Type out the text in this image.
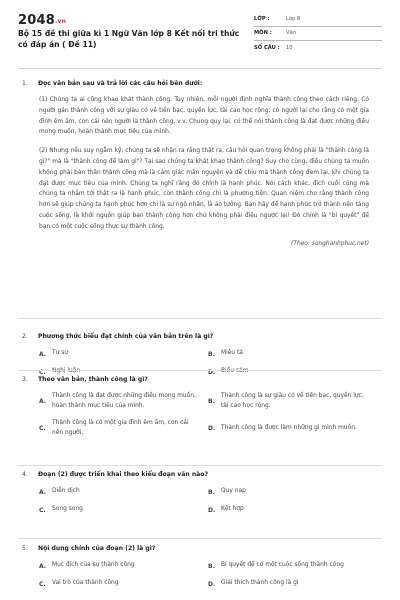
2048.vn
Bộ 15 đề thi giữa kì 1 Ngữ Văn lớp 8 Kết nối tri thức có đáp án ( Đề 11)
LỚP :	Lớp 8
MÔN :	Văn
SỐ CÂU :	10
1.	Đọc văn bản sau và trả lời các câu hỏi bên dưới:

(1) Chúng ta ai cũng khao khát thành công. Tuy nhiên, mỗi người định nghĩa thành công theo cách riêng. Có người gán thành công với sự giàu có về tiền bạc, quyền lực, tài cao học rộng; có người lại cho rằng có một gia đình êm ấm, con cái nên người là thành công, v.v. Chung quy lại, có thể nói thành công là đạt được những điều mong muốn, hoàn thành mục tiêu của mình.

(2) Nhưng nếu suy ngẫm kỹ, chúng ta sẽ nhận ra rằng thật ra, câu hỏi quan trọng không phải là "thành công là gì?" mà là "thành công để làm gì"? Tại sao chúng ta khát khao thành công? Suy cho cùng, điều chúng ta muốn không phải bản thân thành công mà là cảm giác mãn nguyện và dễ chịu mà thành công đem lại, khi chúng ta đạt được mục tiêu của mình. Chúng ta nghĩ rằng đó chính là hạnh phúc. Nói cách khác, đích cuối cùng mà chúng ta nhắm tới thật ra là hạnh phúc, còn thành công chỉ là phương tiện. Quan niệm cho rằng thành công hơn sẽ giúp chúng ta hạnh phúc hơn chỉ là sự ngộ nhận, là ảo tưởng. Bạn hãy để hạnh phúc trở thành nền tảng cuộc sống, là khởi nguồn giúp bạn thành công hơn chứ không phải điều ngược lại! Đó chính là "bí quyết" để bạn có một cuộc sống thực sự thành công.

(Theo: songhanhphuc.net)

2.	Phương thức biểu đạt chính của văn bản trên là gì?
A.	Tự sự	B.	Miêu tả
C.	Nghị luận	D. Biểu cảm
3.	Theo văn bản, thành công là gì?
A.
Thành công là đạt được những điều mong muốn, hoàn thành mục tiêu của mình.
B.
Thành công là sự giàu có về tiền bạc, quyền lực, tài cao học rộng.
C.
Thành công là có một gia đình êm ấm, con cái nên người.
D. Thành công là được làm những gì mình muốn.
4.	Đoạn (2) được triển khai theo kiểu đoạn văn nào?
A.	Diễn dịch	B.	Quy nạp
C.	Song song	D. Kết hợp
5.	Nội dung chính của đoạn (2) là gì?
A.	Mục đích của sự thành công	B.	Bí quyết để có một cuộc sống thành công
C.	Vai trò của thành công	D. Giải thích thành công là gì
